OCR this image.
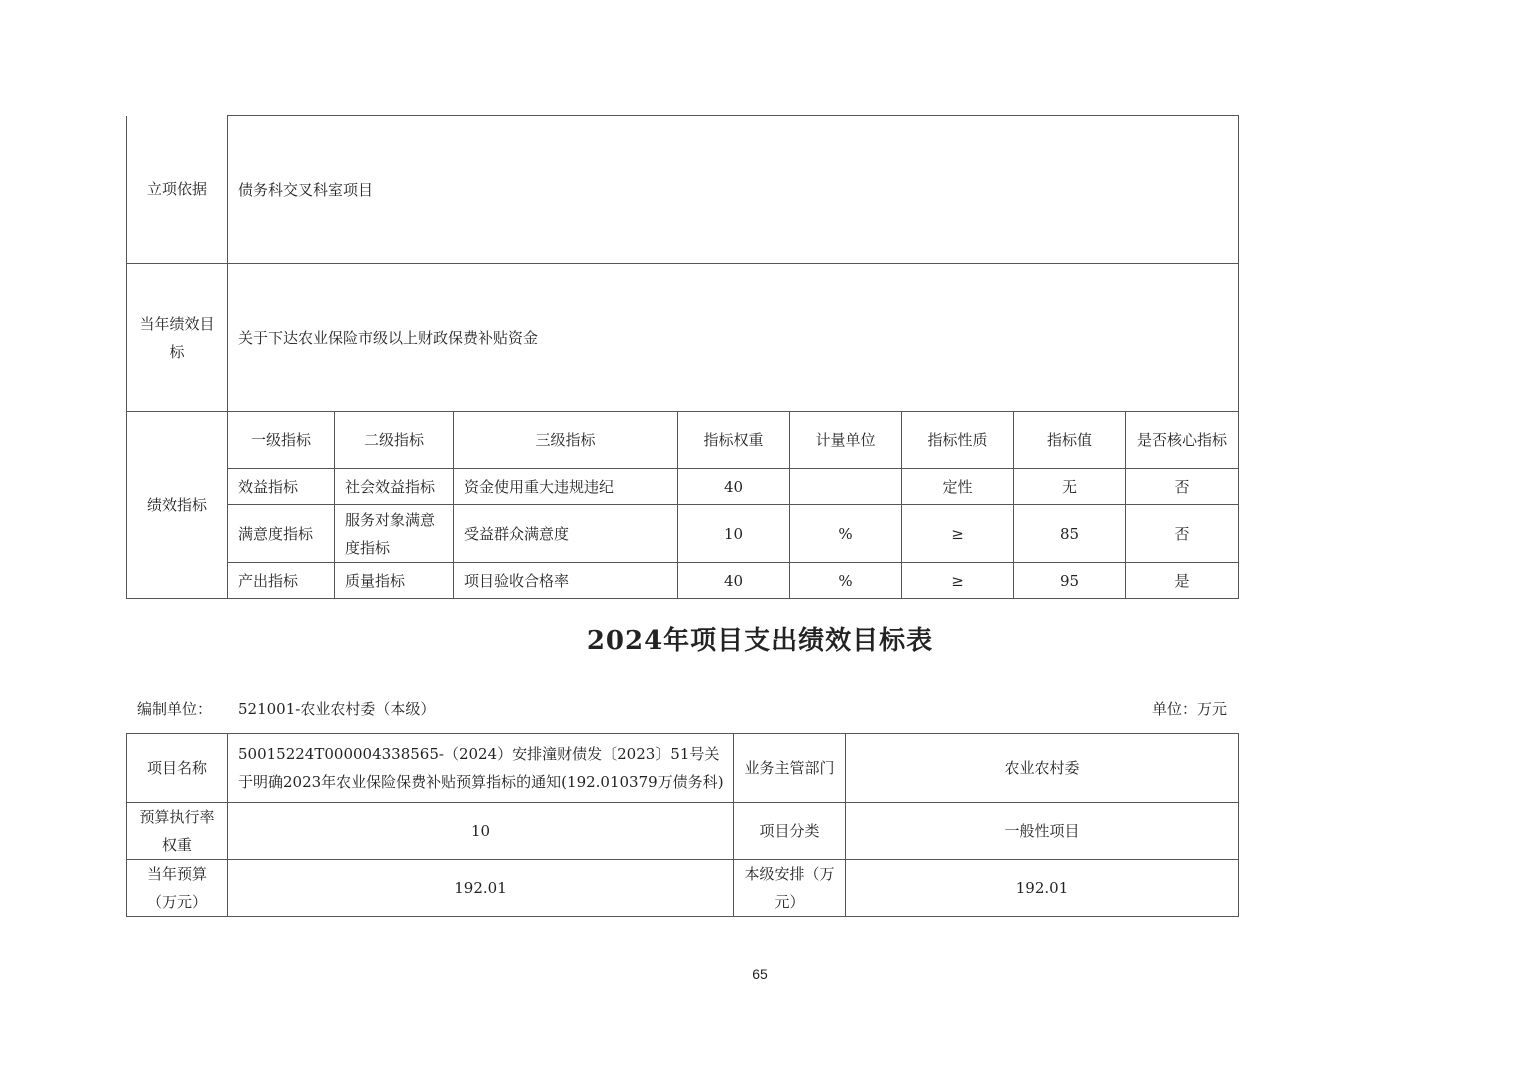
立项依据	债务科交叉科室项目							
当年绩效目标	关于下达农业保险市级以上财政保费补贴资金							
绩效指标	一级指标	二级指标	三级指标	指标权重	计量单位	指标性质	指标值	是否核心指标
	效益指标	社会效益指标	资金使用重大违规违纪	40		定性	无	否
	满意度指标	服务对象满意度指标	受益群众满意度	10	%	≥	85	否
	产出指标	质量指标	项目验收合格率	40	%	≥	95	是
2024年项目支出绩效目标表
编制单位： 521001-农业农村委（本级）	单位：万元
项目名称	50015224T000004338565-（2024）安排潼财债发〔2023〕51号关于明确2023年农业保险保费补贴预算指标的通知(192.010379万债务科)	业务主管部门	农业农村委
预算执行率权重	10	项目分类	一般性项目
当年预算（万元）	192.01	本级安排（万元）	192.01
65
